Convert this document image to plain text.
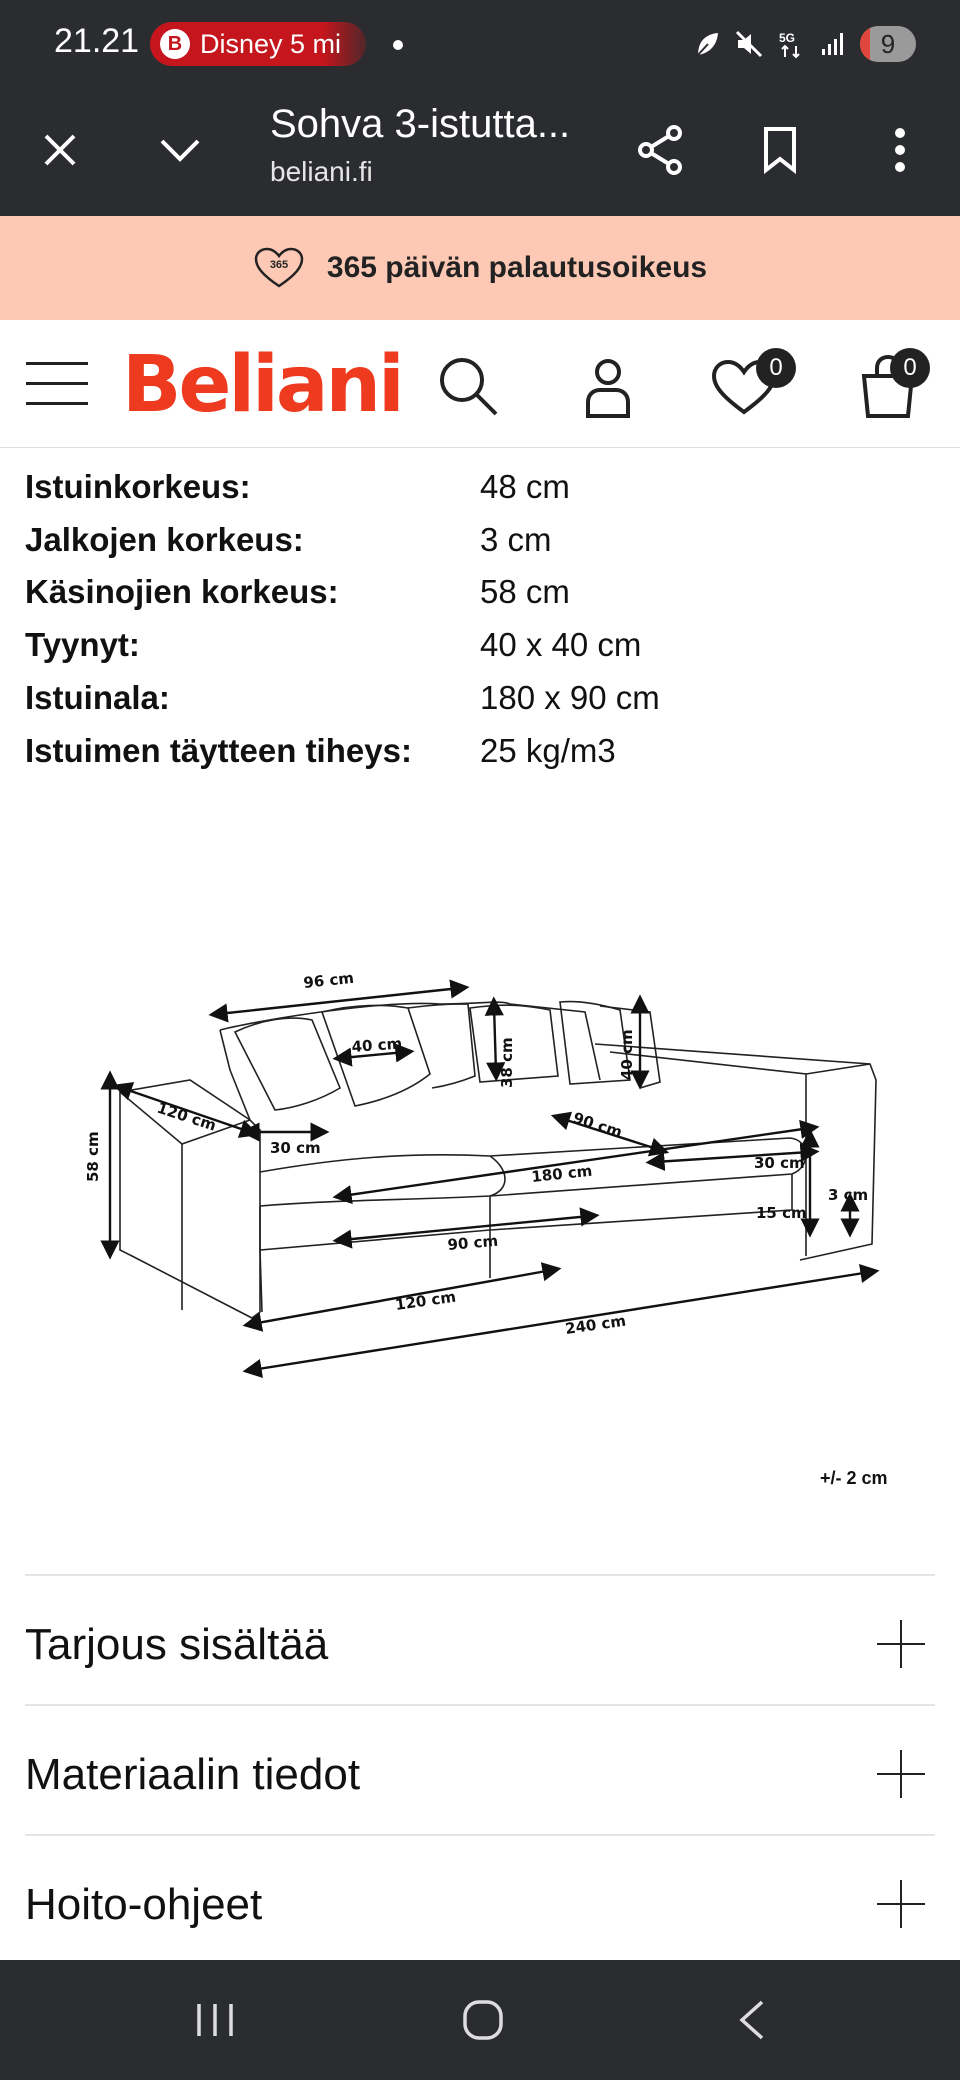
21.21	B Disney 5 mi	5G	9
Sohva 3-istutta...
beliani.fi
365 365 päivän palautusoikeus
Beliani	0	0
Istuinkorkeus:	48 cm
Jalkojen korkeus:	3 cm
Käsinojien korkeus:	58 cm
Tyynyt:	40 x 40 cm
Istuinala:	180 x 90 cm
Istuimen täytteen tiheys:	25 kg/m3
96 cm
40 cm	38 cm	40 cm
120 cm
30 cm
90 cm
180 cm	30 cm
58 cm
90 cm
15 cm
3 cm
120 cm
240 cm
+/- 2 cm
Tarjous sisältää
Materiaalin tiedot
Hoito-ohjeet
